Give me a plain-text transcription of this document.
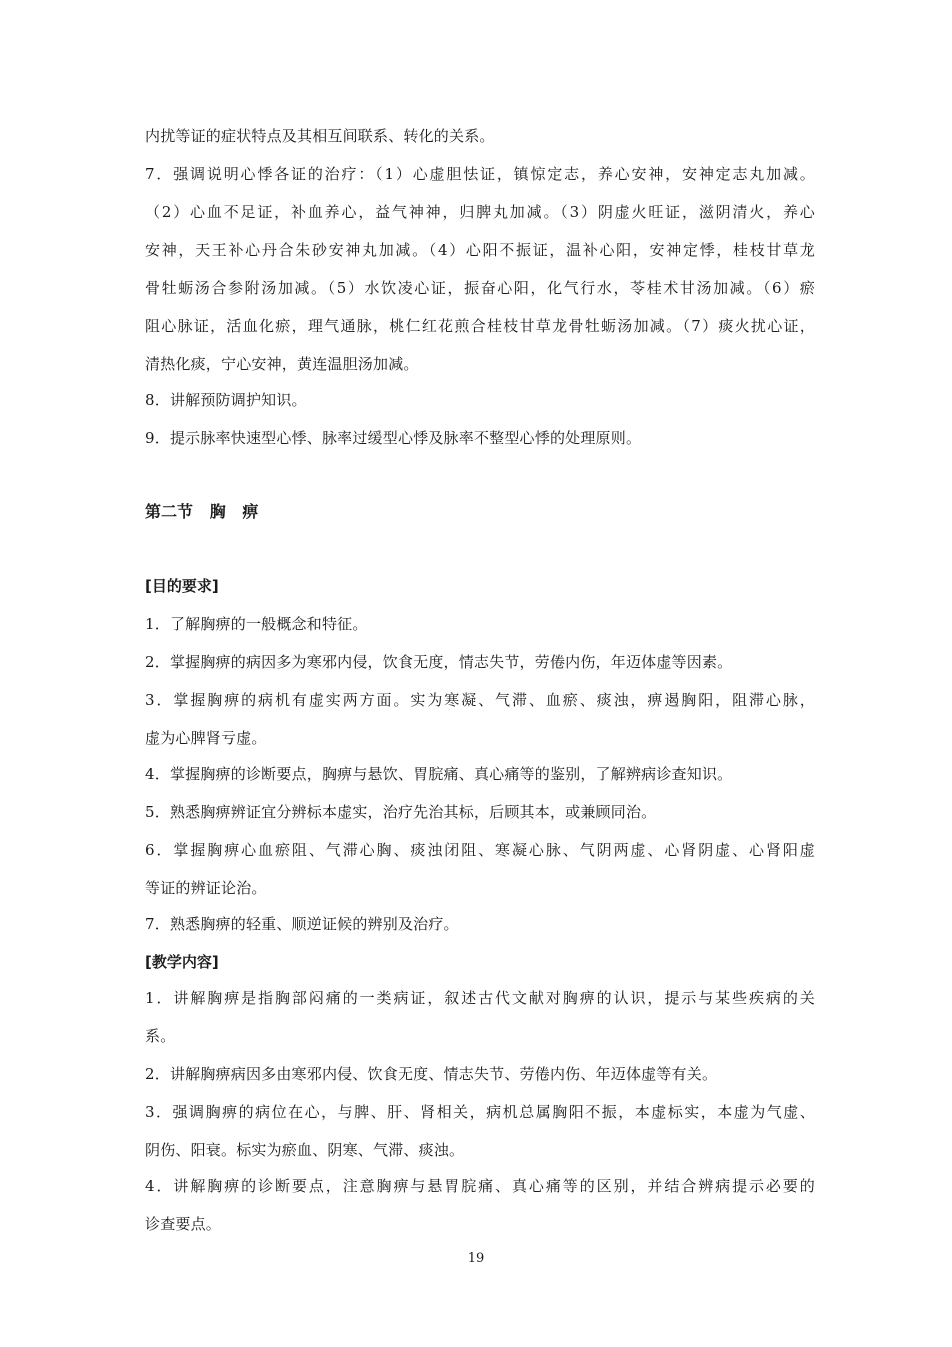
内扰等证的症状特点及其相互间联系、转化的关系。
7．强调说明心悸各证的治疗：（1）心虚胆怯证，镇惊定志，养心安神，安神定志丸加减。
（2）心血不足证，补血养心，益气神神，归脾丸加减。（3）阴虚火旺证，滋阴清火，养心
安神，天王补心丹合朱砂安神丸加减。（4）心阳不振证，温补心阳，安神定悸，桂枝甘草龙
骨牡蛎汤合参附汤加减。（5）水饮凌心证，振奋心阳，化气行水，苓桂术甘汤加减。（6）瘀
阻心脉证，活血化瘀，理气通脉，桃仁红花煎合桂枝甘草龙骨牡蛎汤加减。（7）痰火扰心证，
清热化痰，宁心安神，黄连温胆汤加减。
8．讲解预防调护知识。
9．提示脉率快速型心悸、脉率过缓型心悸及脉率不整型心悸的处理原则。
第二节   胸   痹
[目的要求]
1．了解胸痹的一般概念和特征。
2．掌握胸痹的病因多为寒邪内侵，饮食无度，情志失节，劳倦内伤，年迈体虚等因素。
3．掌握胸痹的病机有虚实两方面。实为寒凝、气滞、血瘀、痰浊，痹遏胸阳，阻滞心脉，
虚为心脾肾亏虚。
4．掌握胸痹的诊断要点，胸痹与悬饮、胃脘痛、真心痛等的鉴别，了解辨病诊查知识。
5．熟悉胸痹辨证宜分辨标本虚实，治疗先治其标，后顾其本，或兼顾同治。
6．掌握胸痹心血瘀阻、气滞心胸、痰浊闭阻、寒凝心脉、气阴两虚、心肾阴虚、心肾阳虚
等证的辨证论治。
7．熟悉胸痹的轻重、顺逆证候的辨别及治疗。
[教学内容]
1．讲解胸痹是指胸部闷痛的一类病证，叙述古代文献对胸痹的认识，提示与某些疾病的关
系。
2．讲解胸痹病因多由寒邪内侵、饮食无度、情志失节、劳倦内伤、年迈体虚等有关。
3．强调胸痹的病位在心，与脾、肝、肾相关，病机总属胸阳不振，本虚标实，本虚为气虚、
阴伤、阳衰。标实为瘀血、阴寒、气滞、痰浊。
4．讲解胸痹的诊断要点，注意胸痹与悬胃脘痛、真心痛等的区别，并结合辨病提示必要的
诊查要点。
19
